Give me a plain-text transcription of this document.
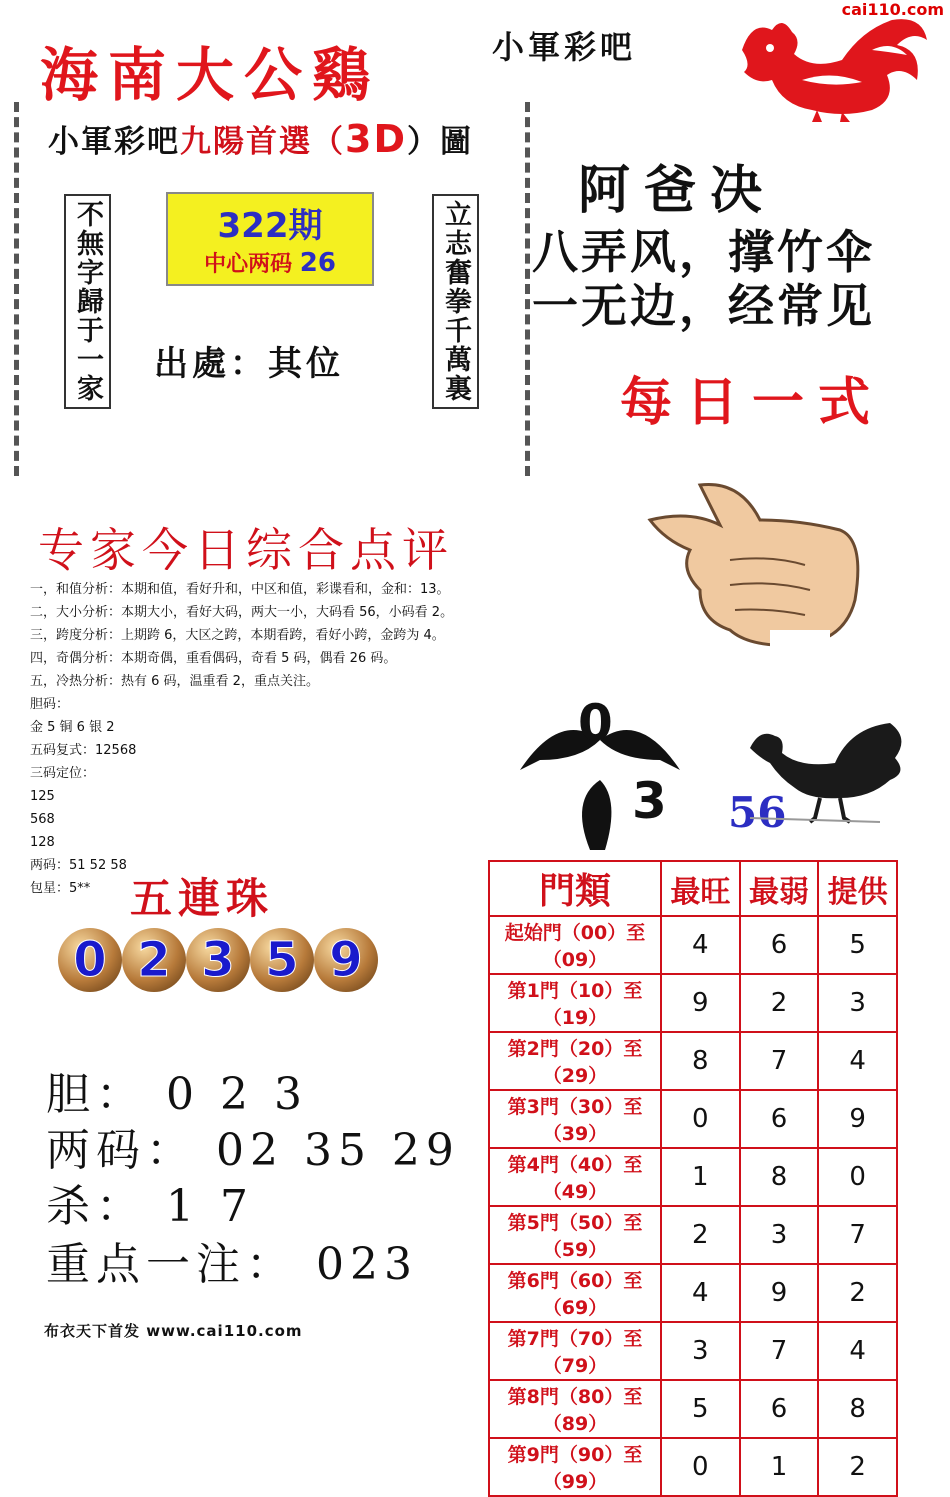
cai110.com
海南大公鷄	小軍彩吧
小軍彩吧九陽首選（3D）圖
不無字歸于一家	立志奮拳千萬裏
322期
中心两码 26
出處：其位
阿爸决
八弄风，撑竹伞
一无边，经常见
每日一式
专家今日综合点评
一，和值分析：本期和值，看好升和，中区和值，彩谍看和，金和：13。
二，大小分析：本期大小，看好大码，两大一小，大码看 56，小码看 2。
三，跨度分析：上期跨 6，大区之跨，本期看跨，看好小跨，金跨为 4。
四，奇偶分析：本期奇偶，重看偶码，奇看 5 码，偶看 26 码。
五，冷热分析：热有 6 码，温重看 2，重点关注。
胆码：
金 5 铜 6 银 2
五码复式：12568
三码定位：
125
568
128
两码：51 52 58
包星：5**
0
3 56
五連珠
0 2 3 5 9
胆： 0 2 3
两码： 02 35 29
杀： 1 7
重点一注： 023
布衣天下首发 www.cai110.com
門類	最旺	最弱	提供
起始門（00）至（09）	4	6	5
第1門（10）至（19）	9	2	3
第2門（20）至（29）	8	7	4
第3門（30）至（39）	0	6	9
第4門（40）至（49）	1	8	0
第5門（50）至（59）	2	3	7
第6門（60）至（69）	4	9	2
第7門（70）至（79）	3	7	4
第8門（80）至（89）	5	6	8
第9門（90）至（99）	0	1	2
